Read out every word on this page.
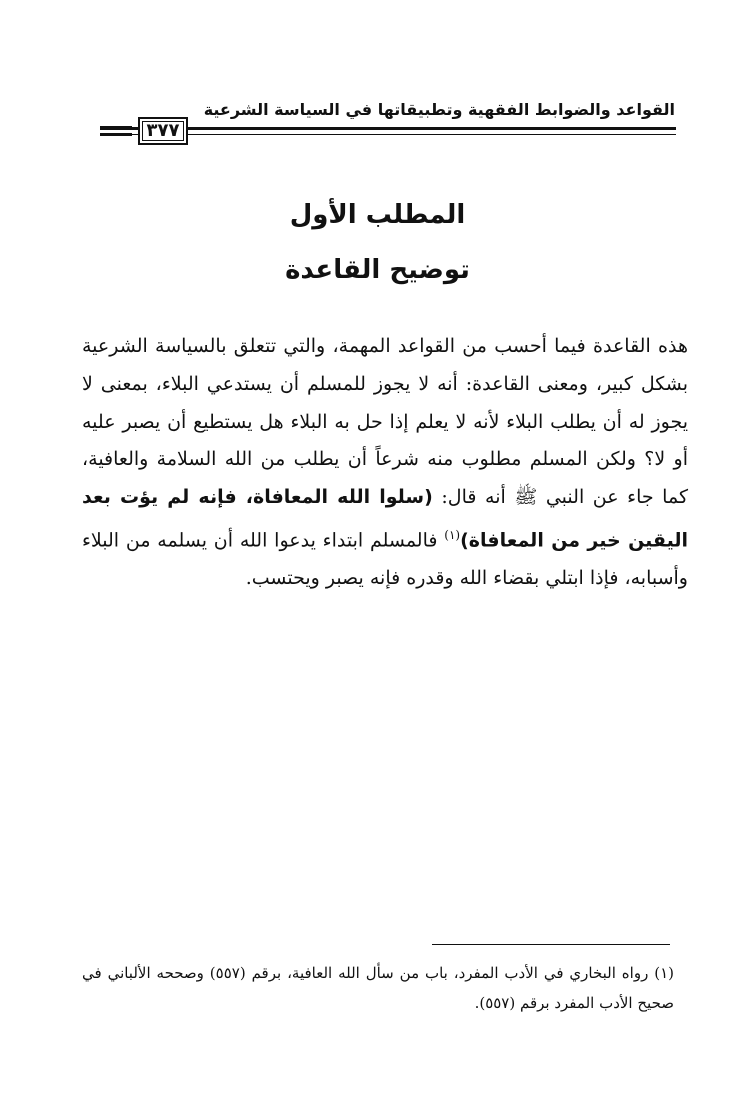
القواعد والضوابط الفقهية وتطبيقاتها في السياسة الشرعية
٣٧٧
المطلب الأول
توضيح القاعدة
هذه القاعدة فيما أحسب من القواعد المهمة، والتي تتعلق بالسياسة الشرعية بشكل كبير، ومعنى القاعدة: أنه لا يجوز للمسلم أن يستدعي البلاء، بمعنى لا يجوز له أن يطلب البلاء لأنه لا يعلم إذا حل به البلاء هل يستطيع أن يصبر عليه أو لا؟ ولكن المسلم مطلوب منه شرعاً أن يطلب من الله السلامة والعافية، كما جاء عن النبي ﷺ أنه قال: (سلوا الله المعافاة، فإنه لم يؤت بعد اليقين خير من المعافاة)$^{(١)}$ فالمسلم ابتداء يدعوا الله أن يسلمه من البلاء وأسبابه، فإذا ابتلي بقضاء الله وقدره فإنه يصبر ويحتسب.
(١) رواه البخاري في الأدب المفرد، باب من سأل الله العافية، برقم (٥٥٧) وصححه الألباني في صحيح الأدب المفرد برقم (٥٥٧).
